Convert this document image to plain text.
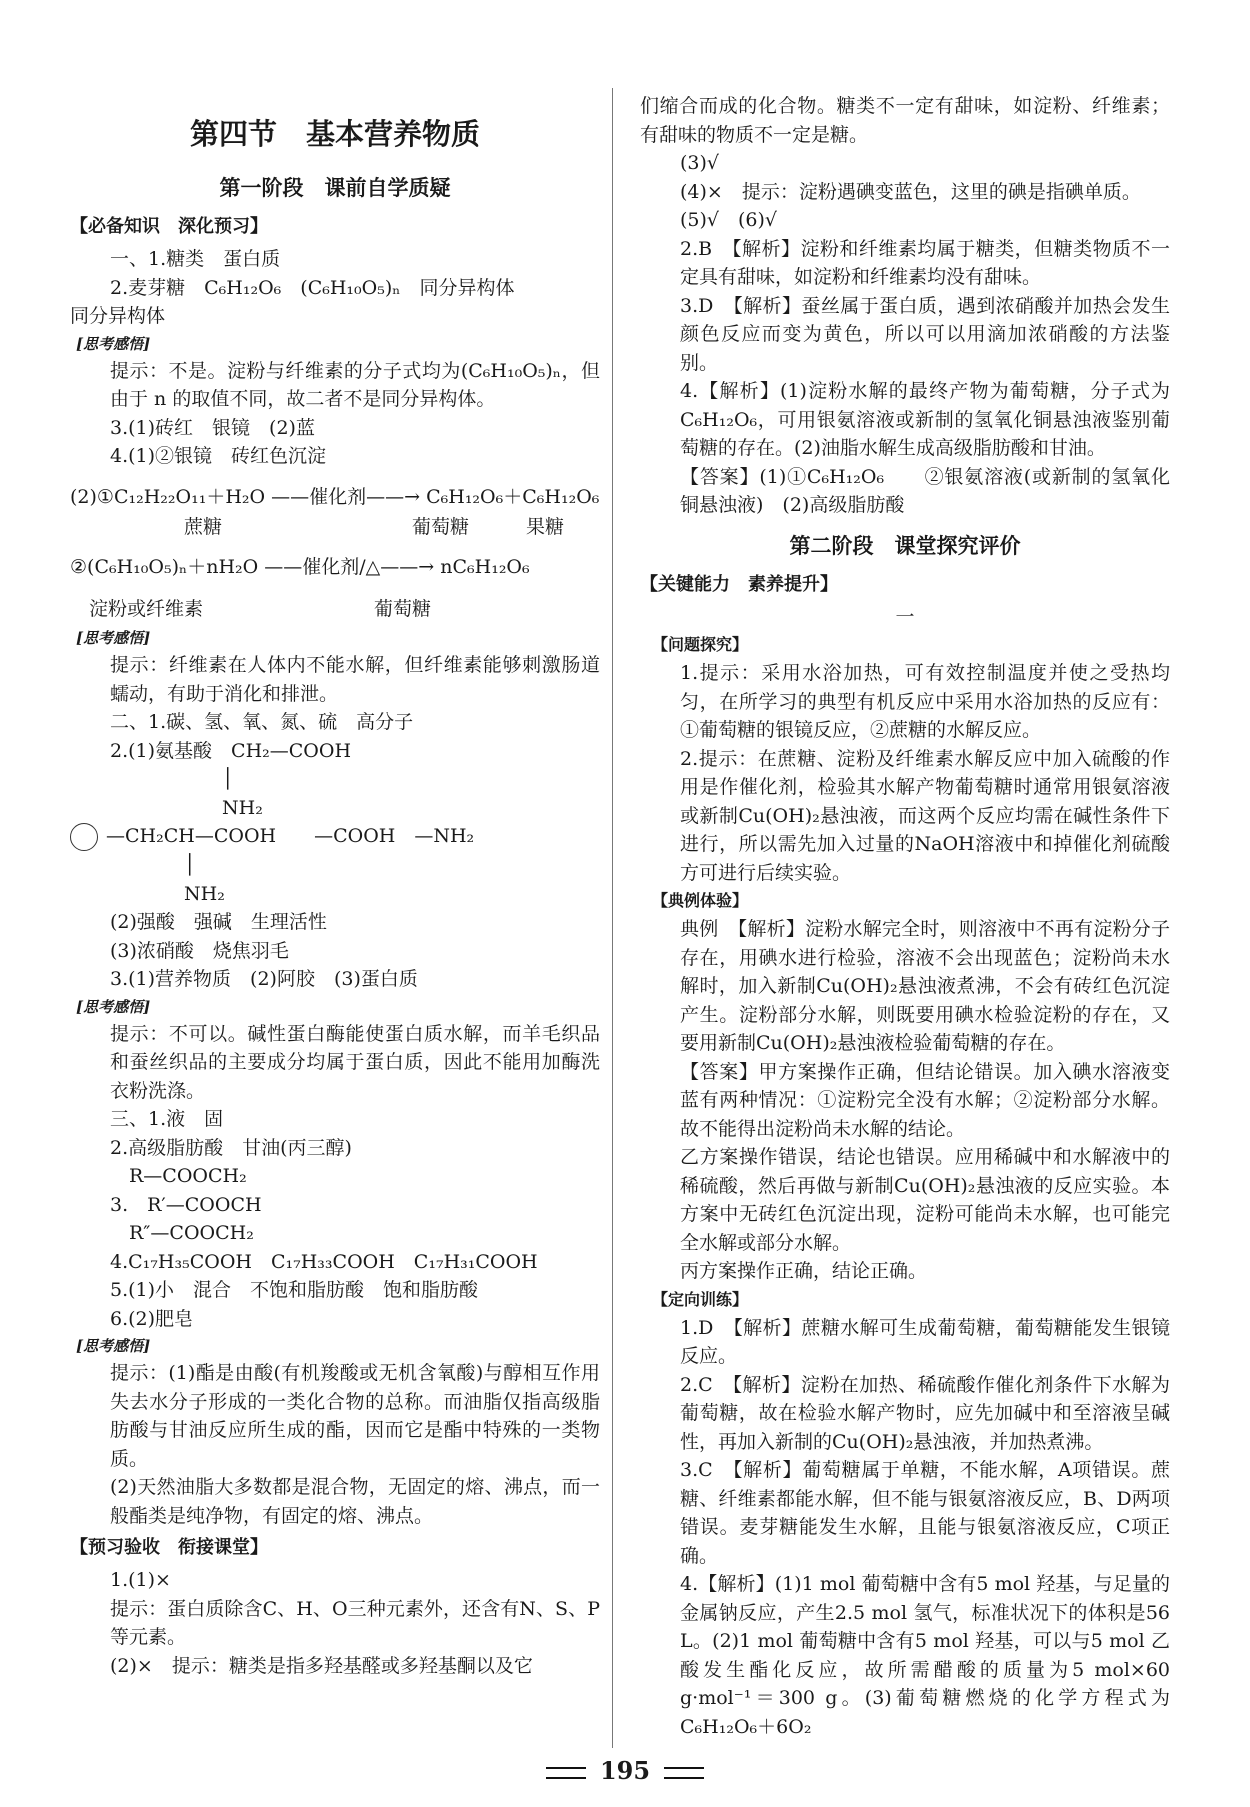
第四节　基本营养物质
第一阶段　课前自学质疑
【必备知识　深化预习】
一、1.糖类　蛋白质
2.麦芽糖　C₆H₁₂O₆　(C₆H₁₀O₅)ₙ　同分异构体
同分异构体
[思考感悟]
提示：不是。淀粉与纤维素的分子式均为(C₆H₁₀O₅)ₙ，但由于 n 的取值不同，故二者不是同分异构体。
3.(1)砖红　银镜　(2)蓝
4.(1)②银镜　砖红色沉淀
(2)①C₁₂H₂₂O₁₁＋H₂O ——催化剂——→ C₆H₁₂O₆＋C₆H₁₂O₆
　　　　　　蔗糖　　　　　　　　　　葡萄糖　　　果糖
②(C₆H₁₀O₅)ₙ＋nH₂O ——催化剂/△——→ nC₆H₁₂O₆
　淀粉或纤维素　　　　　　　　　葡萄糖
[思考感悟]
提示：纤维素在人体内不能水解，但纤维素能够刺激肠道蠕动，有助于消化和排泄。
二、1.碳、氢、氧、氮、硫　高分子
2.(1)氨基酸　CH₂—COOH
　　　　　　　　│
　　　　　　　　NH₂
—CH₂CH—COOH　　—COOH　—NH₂
　　　　　　│
　　　　　　NH₂
(2)强酸　强碱　生理活性
(3)浓硝酸　烧焦羽毛
3.(1)营养物质　(2)阿胶　(3)蛋白质
[思考感悟]
提示：不可以。碱性蛋白酶能使蛋白质水解，而羊毛织品和蚕丝织品的主要成分均属于蛋白质，因此不能用加酶洗衣粉洗涤。
三、1.液　固
2.高级脂肪酸　甘油(丙三醇)
　R—COOCH₂
3.　R′—COOCH
　R″—COOCH₂
4.C₁₇H₃₅COOH　C₁₇H₃₃COOH　C₁₇H₃₁COOH
5.(1)小　混合　不饱和脂肪酸　饱和脂肪酸
6.(2)肥皂
[思考感悟]
提示：(1)酯是由酸(有机羧酸或无机含氧酸)与醇相互作用失去水分子形成的一类化合物的总称。而油脂仅指高级脂肪酸与甘油反应所生成的酯，因而它是酯中特殊的一类物质。
(2)天然油脂大多数都是混合物，无固定的熔、沸点，而一般酯类是纯净物，有固定的熔、沸点。
【预习验收　衔接课堂】
1.(1)×
提示：蛋白质除含C、H、O三种元素外，还含有N、S、P等元素。
(2)×　提示：糖类是指多羟基醛或多羟基酮以及它
们缩合而成的化合物。糖类不一定有甜味，如淀粉、纤维素；有甜味的物质不一定是糖。
(3)√
(4)×　提示：淀粉遇碘变蓝色，这里的碘是指碘单质。
(5)√　(6)√
2.B　【解析】淀粉和纤维素均属于糖类，但糖类物质不一定具有甜味，如淀粉和纤维素均没有甜味。
3.D　【解析】蚕丝属于蛋白质，遇到浓硝酸并加热会发生颜色反应而变为黄色，所以可以用滴加浓硝酸的方法鉴别。
4.【解析】(1)淀粉水解的最终产物为葡萄糖，分子式为C₆H₁₂O₆，可用银氨溶液或新制的氢氧化铜悬浊液鉴别葡萄糖的存在。(2)油脂水解生成高级脂肪酸和甘油。
【答案】(1)①C₆H₁₂O₆　　②银氨溶液(或新制的氢氧化铜悬浊液)　(2)高级脂肪酸
第二阶段　课堂探究评价
【关键能力　素养提升】
一
【问题探究】
1.提示：采用水浴加热，可有效控制温度并使之受热均匀，在所学习的典型有机反应中采用水浴加热的反应有：①葡萄糖的银镜反应，②蔗糖的水解反应。
2.提示：在蔗糖、淀粉及纤维素水解反应中加入硫酸的作用是作催化剂，检验其水解产物葡萄糖时通常用银氨溶液或新制Cu(OH)₂悬浊液，而这两个反应均需在碱性条件下进行，所以需先加入过量的NaOH溶液中和掉催化剂硫酸方可进行后续实验。
【典例体验】
典例　【解析】淀粉水解完全时，则溶液中不再有淀粉分子存在，用碘水进行检验，溶液不会出现蓝色；淀粉尚未水解时，加入新制Cu(OH)₂悬浊液煮沸，不会有砖红色沉淀产生。淀粉部分水解，则既要用碘水检验淀粉的存在，又要用新制Cu(OH)₂悬浊液检验葡萄糖的存在。
【答案】甲方案操作正确，但结论错误。加入碘水溶液变蓝有两种情况：①淀粉完全没有水解；②淀粉部分水解。故不能得出淀粉尚未水解的结论。
乙方案操作错误，结论也错误。应用稀碱中和水解液中的稀硫酸，然后再做与新制Cu(OH)₂悬浊液的反应实验。本方案中无砖红色沉淀出现，淀粉可能尚未水解，也可能完全水解或部分水解。
丙方案操作正确，结论正确。
【定向训练】
1.D　【解析】蔗糖水解可生成葡萄糖，葡萄糖能发生银镜反应。
2.C　【解析】淀粉在加热、稀硫酸作催化剂条件下水解为葡萄糖，故在检验水解产物时，应先加碱中和至溶液呈碱性，再加入新制的Cu(OH)₂悬浊液，并加热煮沸。
3.C　【解析】葡萄糖属于单糖，不能水解，A项错误。蔗糖、纤维素都能水解，但不能与银氨溶液反应，B、D两项错误。麦芽糖能发生水解，且能与银氨溶液反应，C项正确。
4.【解析】(1)1 mol 葡萄糖中含有5 mol 羟基，与足量的金属钠反应，产生2.5 mol 氢气，标准状况下的体积是56 L。(2)1 mol 葡萄糖中含有5 mol 羟基，可以与5 mol 乙酸发生酯化反应，故所需醋酸的质量为5 mol×60 g·mol⁻¹＝300 g。(3)葡萄糖燃烧的化学方程式为C₆H₁₂O₆＋6O₂
195
